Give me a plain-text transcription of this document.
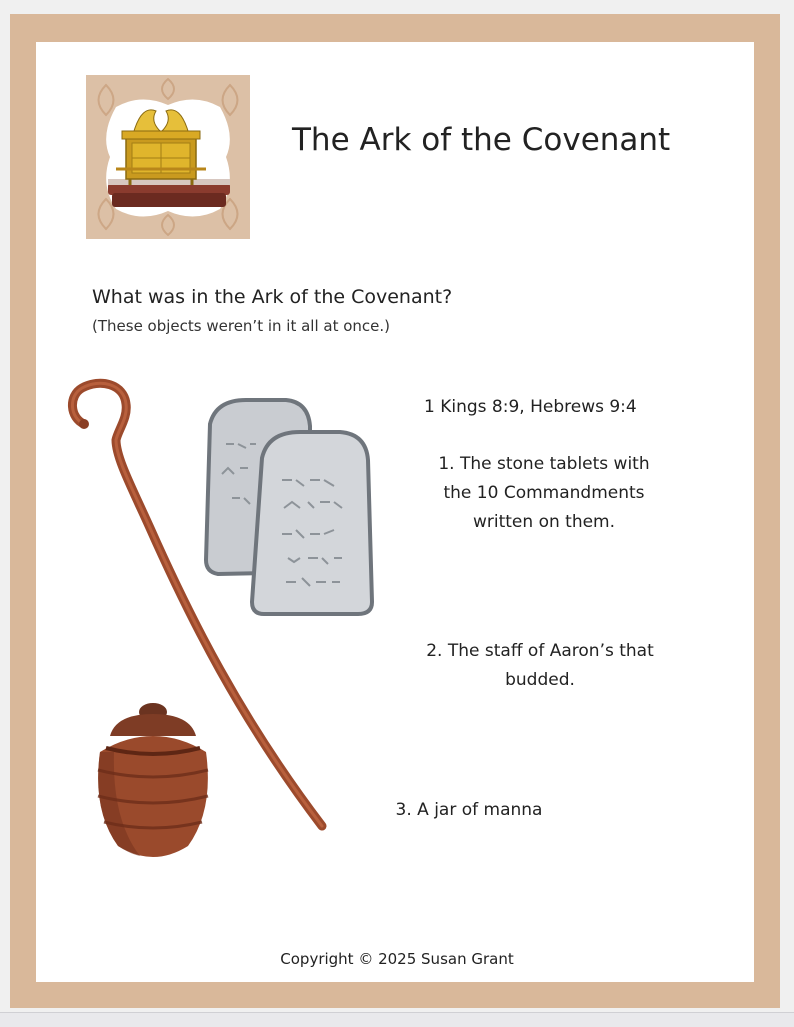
The Ark of the Covenant
What was in the Ark of the Covenant?
(These objects weren’t in it all at once.)
1 Kings 8:9, Hebrews 9:4
1. The stone tablets with
the 10 Commandments
written on them.
2. The staff of Aaron’s that
budded.
3. A jar of manna
Copyright © 2025 Susan Grant
